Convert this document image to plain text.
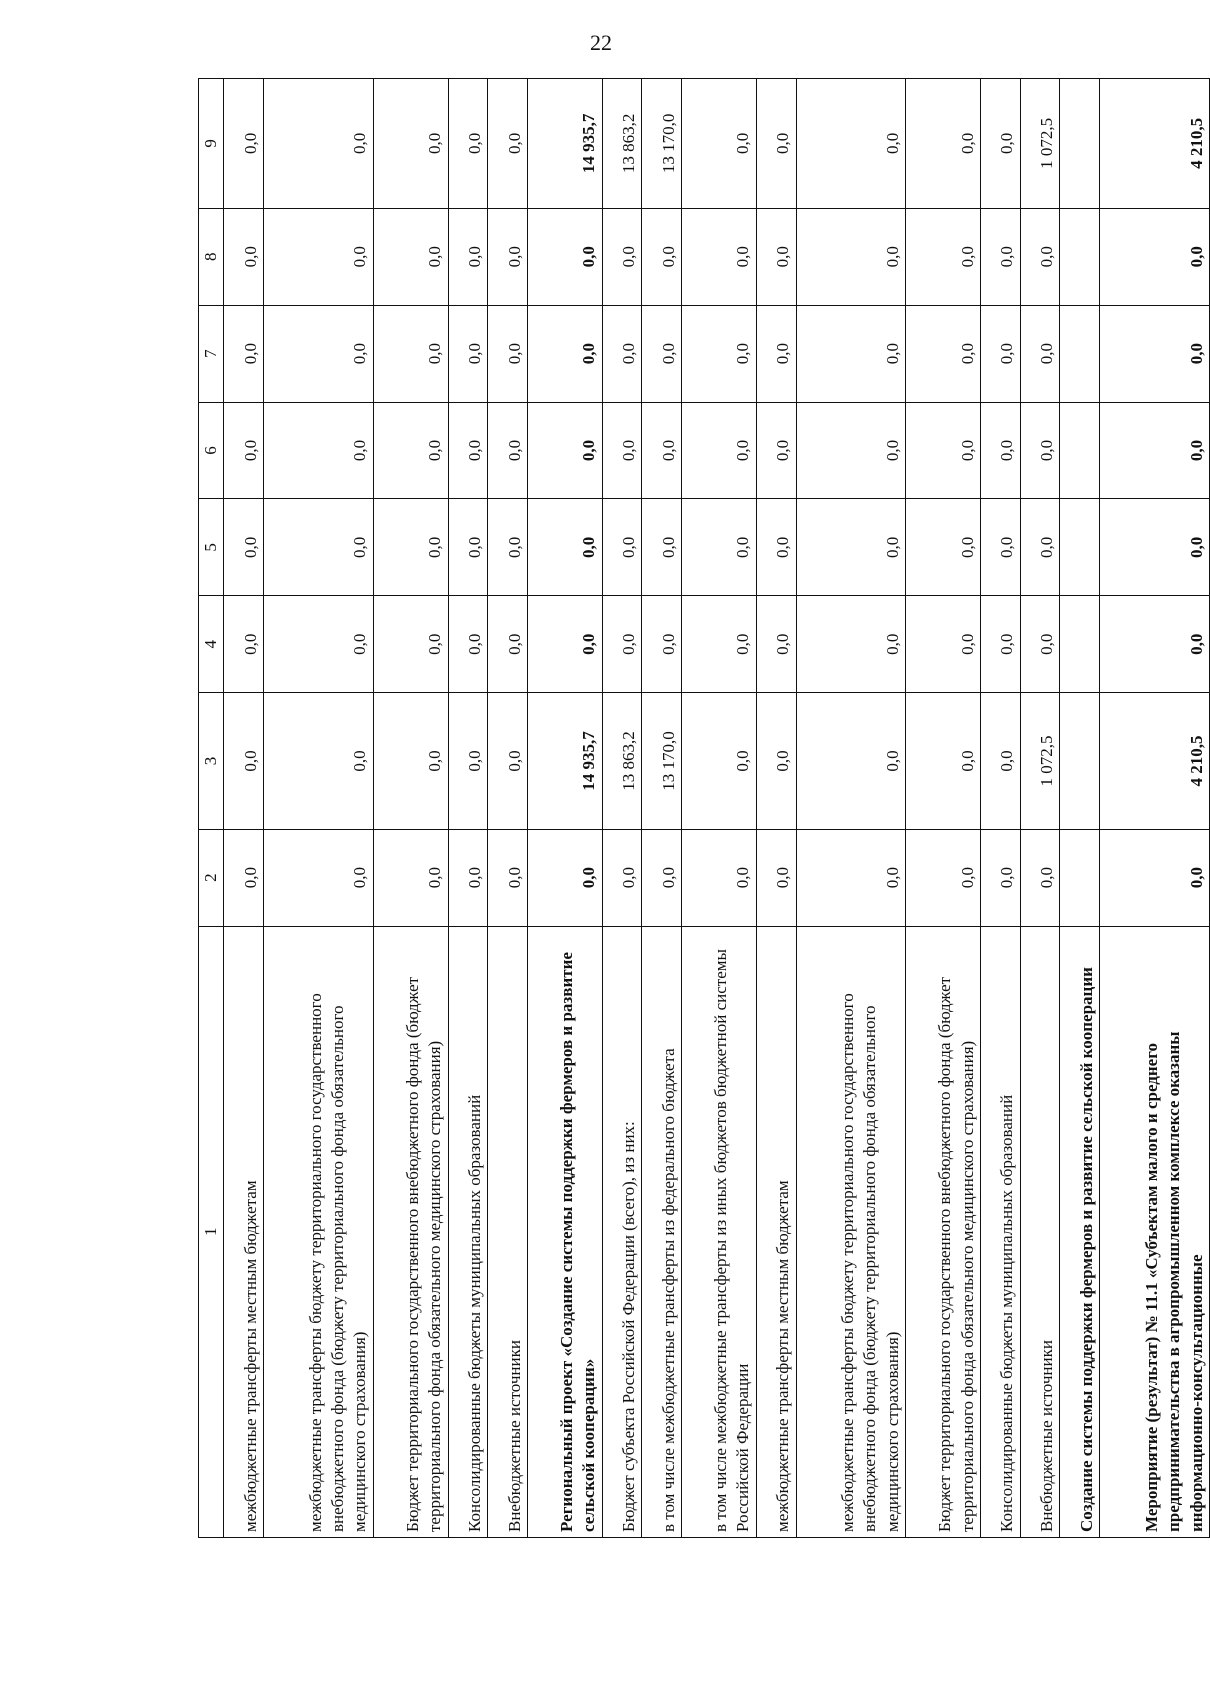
22
1	2	3	4	5	6	7	8	9
межбюджетные трансферты местным бюджетам	0,0	0,0	0,0	0,0	0,0	0,0	0,0	0,0
межбюджетные трансферты бюджету территориального государственного внебюджетного фонда (бюджету территориального фонда обязательного медицинского страхования)	0,0	0,0	0,0	0,0	0,0	0,0	0,0	0,0
Бюджет территориального государственного внебюджетного фонда (бюджет территориального фонда обязательного медицинского страхования)	0,0	0,0	0,0	0,0	0,0	0,0	0,0	0,0
Консолидированные бюджеты муниципальных образований	0,0	0,0	0,0	0,0	0,0	0,0	0,0	0,0
Внебюджетные источники	0,0	0,0	0,0	0,0	0,0	0,0	0,0	0,0
Региональный проект «Создание системы поддержки фермеров и развитие сельской кооперации»	0,0	14 935,7	0,0	0,0	0,0	0,0	0,0	14 935,7
Бюджет субъекта Российской Федерации (всего), из них:	0,0	13 863,2	0,0	0,0	0,0	0,0	0,0	13 863,2
в том числе межбюджетные трансферты из федерального бюджета	0,0	13 170,0	0,0	0,0	0,0	0,0	0,0	13 170,0
в том числе межбюджетные трансферты из иных бюджетов бюджетной системы Российской Федерации	0,0	0,0	0,0	0,0	0,0	0,0	0,0	0,0
межбюджетные трансферты местным бюджетам	0,0	0,0	0,0	0,0	0,0	0,0	0,0	0,0
межбюджетные трансферты бюджету территориального государственного внебюджетного фонда (бюджету территориального фонда обязательного медицинского страхования)	0,0	0,0	0,0	0,0	0,0	0,0	0,0	0,0
Бюджет территориального государственного внебюджетного фонда (бюджет территориального фонда обязательного медицинского страхования)	0,0	0,0	0,0	0,0	0,0	0,0	0,0	0,0
Консолидированные бюджеты муниципальных образований	0,0	0,0	0,0	0,0	0,0	0,0	0,0	0,0
Внебюджетные источники	0,0	1 072,5	0,0	0,0	0,0	0,0	0,0	1 072,5
Создание системы поддержки фермеров и развитие сельской кооперации								
Мероприятие (результат) № 11.1 «Субъектам малого и среднего предпринимательства в агропромышленном комплексе оказаны информационно-консультационные	0,0	4 210,5	0,0	0,0	0,0	0,0	0,0	4 210,5
